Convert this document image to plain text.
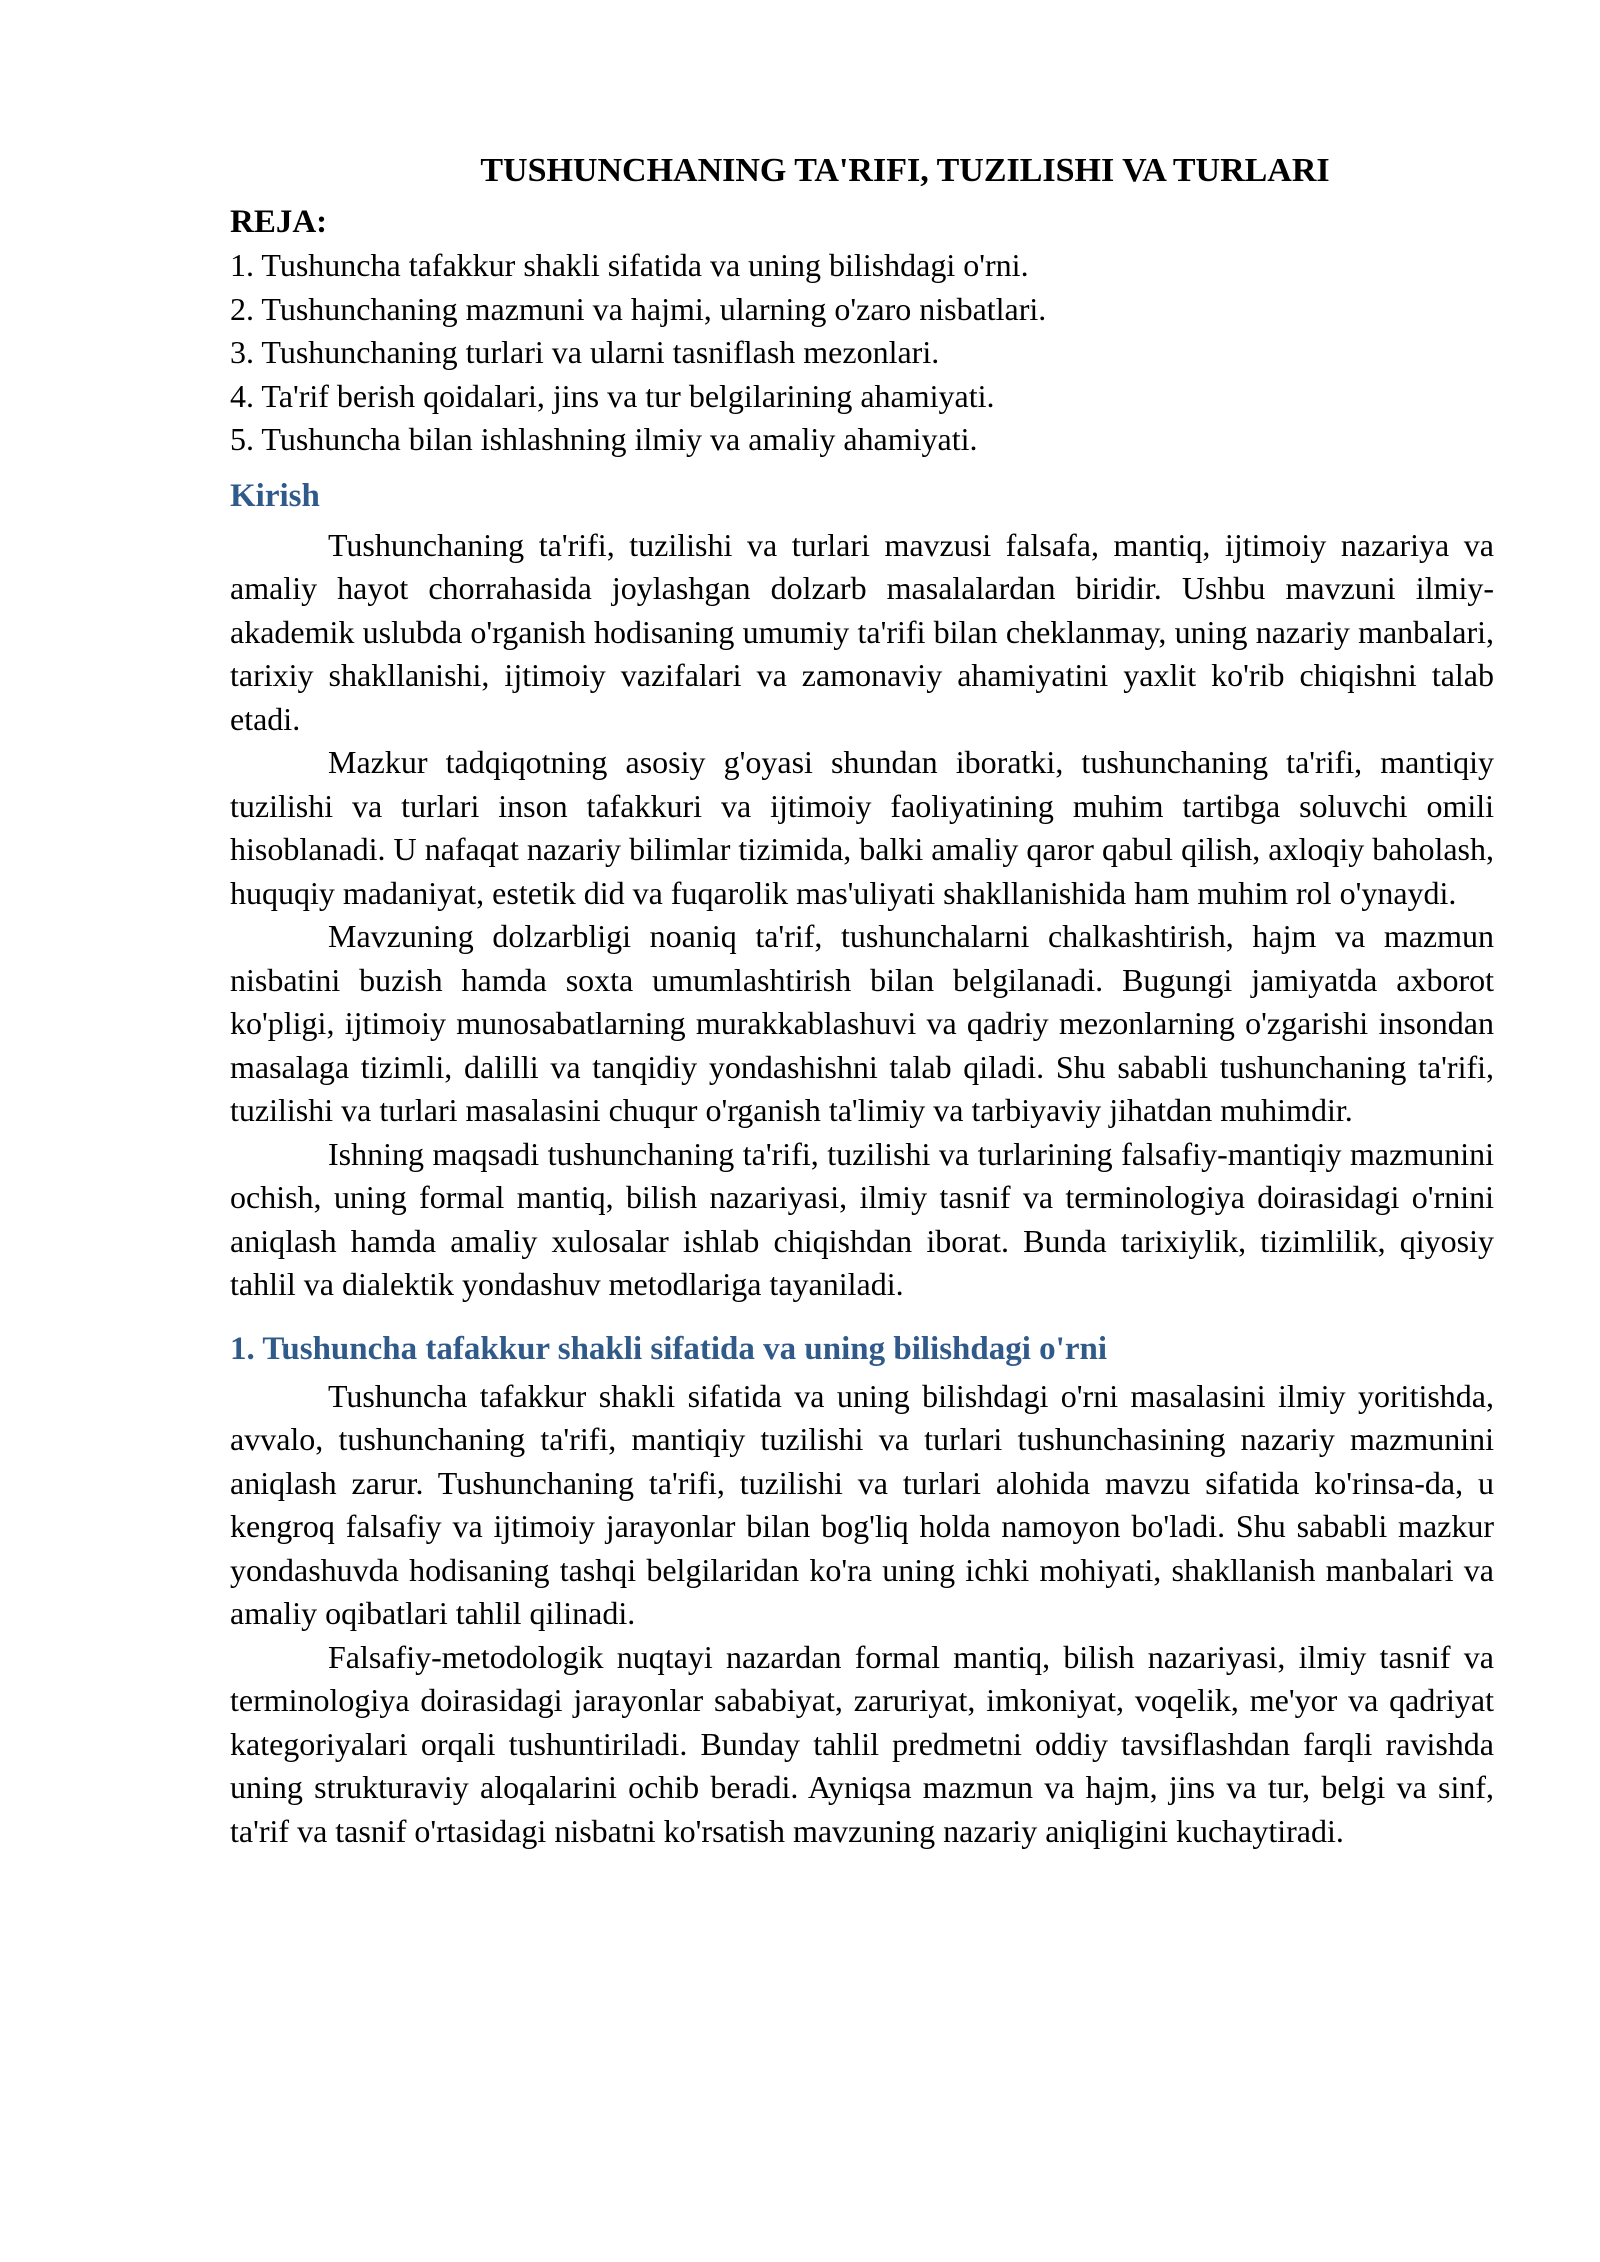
TUSHUNCHANING TA'RIFI, TUZILISHI VA TURLARI
REJA:
1. Tushuncha tafakkur shakli sifatida va uning bilishdagi o'rni.
2. Tushunchaning mazmuni va hajmi, ularning o'zaro nisbatlari.
3. Tushunchaning turlari va ularni tasniflash mezonlari.
4. Ta'rif berish qoidalari, jins va tur belgilarining ahamiyati.
5. Tushuncha bilan ishlashning ilmiy va amaliy ahamiyati.
Kirish

Tushunchaning ta'rifi, tuzilishi va turlari mavzusi falsafa, mantiq, ijtimoiy nazariya va amaliy hayot chorrahasida joylashgan dolzarb masalalardan biridir. Ushbu mavzuni ilmiy-akademik uslubda o'rganish hodisaning umumiy ta'rifi bilan cheklanmay, uning nazariy manbalari, tarixiy shakllanishi, ijtimoiy vazifalari va zamonaviy ahamiyatini yaxlit ko'rib chiqishni talab etadi.

Mazkur tadqiqotning asosiy g'oyasi shundan iboratki, tushunchaning ta'rifi, mantiqiy tuzilishi va turlari inson tafakkuri va ijtimoiy faoliyatining muhim tartibga soluvchi omili hisoblanadi. U nafaqat nazariy bilimlar tizimida, balki amaliy qaror qabul qilish, axloqiy baholash, huquqiy madaniyat, estetik did va fuqarolik mas'uliyati shakllanishida ham muhim rol o'ynaydi.

Mavzuning dolzarbligi noaniq ta'rif, tushunchalarni chalkashtirish, hajm va mazmun nisbatini buzish hamda soxta umumlashtirish bilan belgilanadi. Bugungi jamiyatda axborot ko'pligi, ijtimoiy munosabatlarning murakkablashuvi va qadriy mezonlarning o'zgarishi insondan masalaga tizimli, dalilli va tanqidiy yondashishni talab qiladi. Shu sababli tushunchaning ta'rifi, tuzilishi va turlari masalasini chuqur o'rganish ta'limiy va tarbiyaviy jihatdan muhimdir.

Ishning maqsadi tushunchaning ta'rifi, tuzilishi va turlarining falsafiy-mantiqiy mazmunini ochish, uning formal mantiq, bilish nazariyasi, ilmiy tasnif va terminologiya doirasidagi o'rnini aniqlash hamda amaliy xulosalar ishlab chiqishdan iborat. Bunda tarixiylik, tizimlilik, qiyosiy tahlil va dialektik yondashuv metodlariga tayaniladi.

1. Tushuncha tafakkur shakli sifatida va uning bilishdagi o'rni

Tushuncha tafakkur shakli sifatida va uning bilishdagi o'rni masalasini ilmiy yoritishda, avvalo, tushunchaning ta'rifi, mantiqiy tuzilishi va turlari tushunchasining nazariy mazmunini aniqlash zarur. Tushunchaning ta'rifi, tuzilishi va turlari alohida mavzu sifatida ko'rinsa-da, u kengroq falsafiy va ijtimoiy jarayonlar bilan bog'liq holda namoyon bo'ladi. Shu sababli mazkur yondashuvda hodisaning tashqi belgilaridan ko'ra uning ichki mohiyati, shakllanish manbalari va amaliy oqibatlari tahlil qilinadi.

Falsafiy-metodologik nuqtayi nazardan formal mantiq, bilish nazariyasi, ilmiy tasnif va terminologiya doirasidagi jarayonlar sababiyat, zaruriyat, imkoniyat, voqelik, me'yor va qadriyat kategoriyalari orqali tushuntiriladi. Bunday tahlil predmetni oddiy tavsiflashdan farqli ravishda uning strukturaviy aloqalarini ochib beradi. Ayniqsa mazmun va hajm, jins va tur, belgi va sinf, ta'rif va tasnif o'rtasidagi nisbatni ko'rsatish mavzuning nazariy aniqligini kuchaytiradi.
